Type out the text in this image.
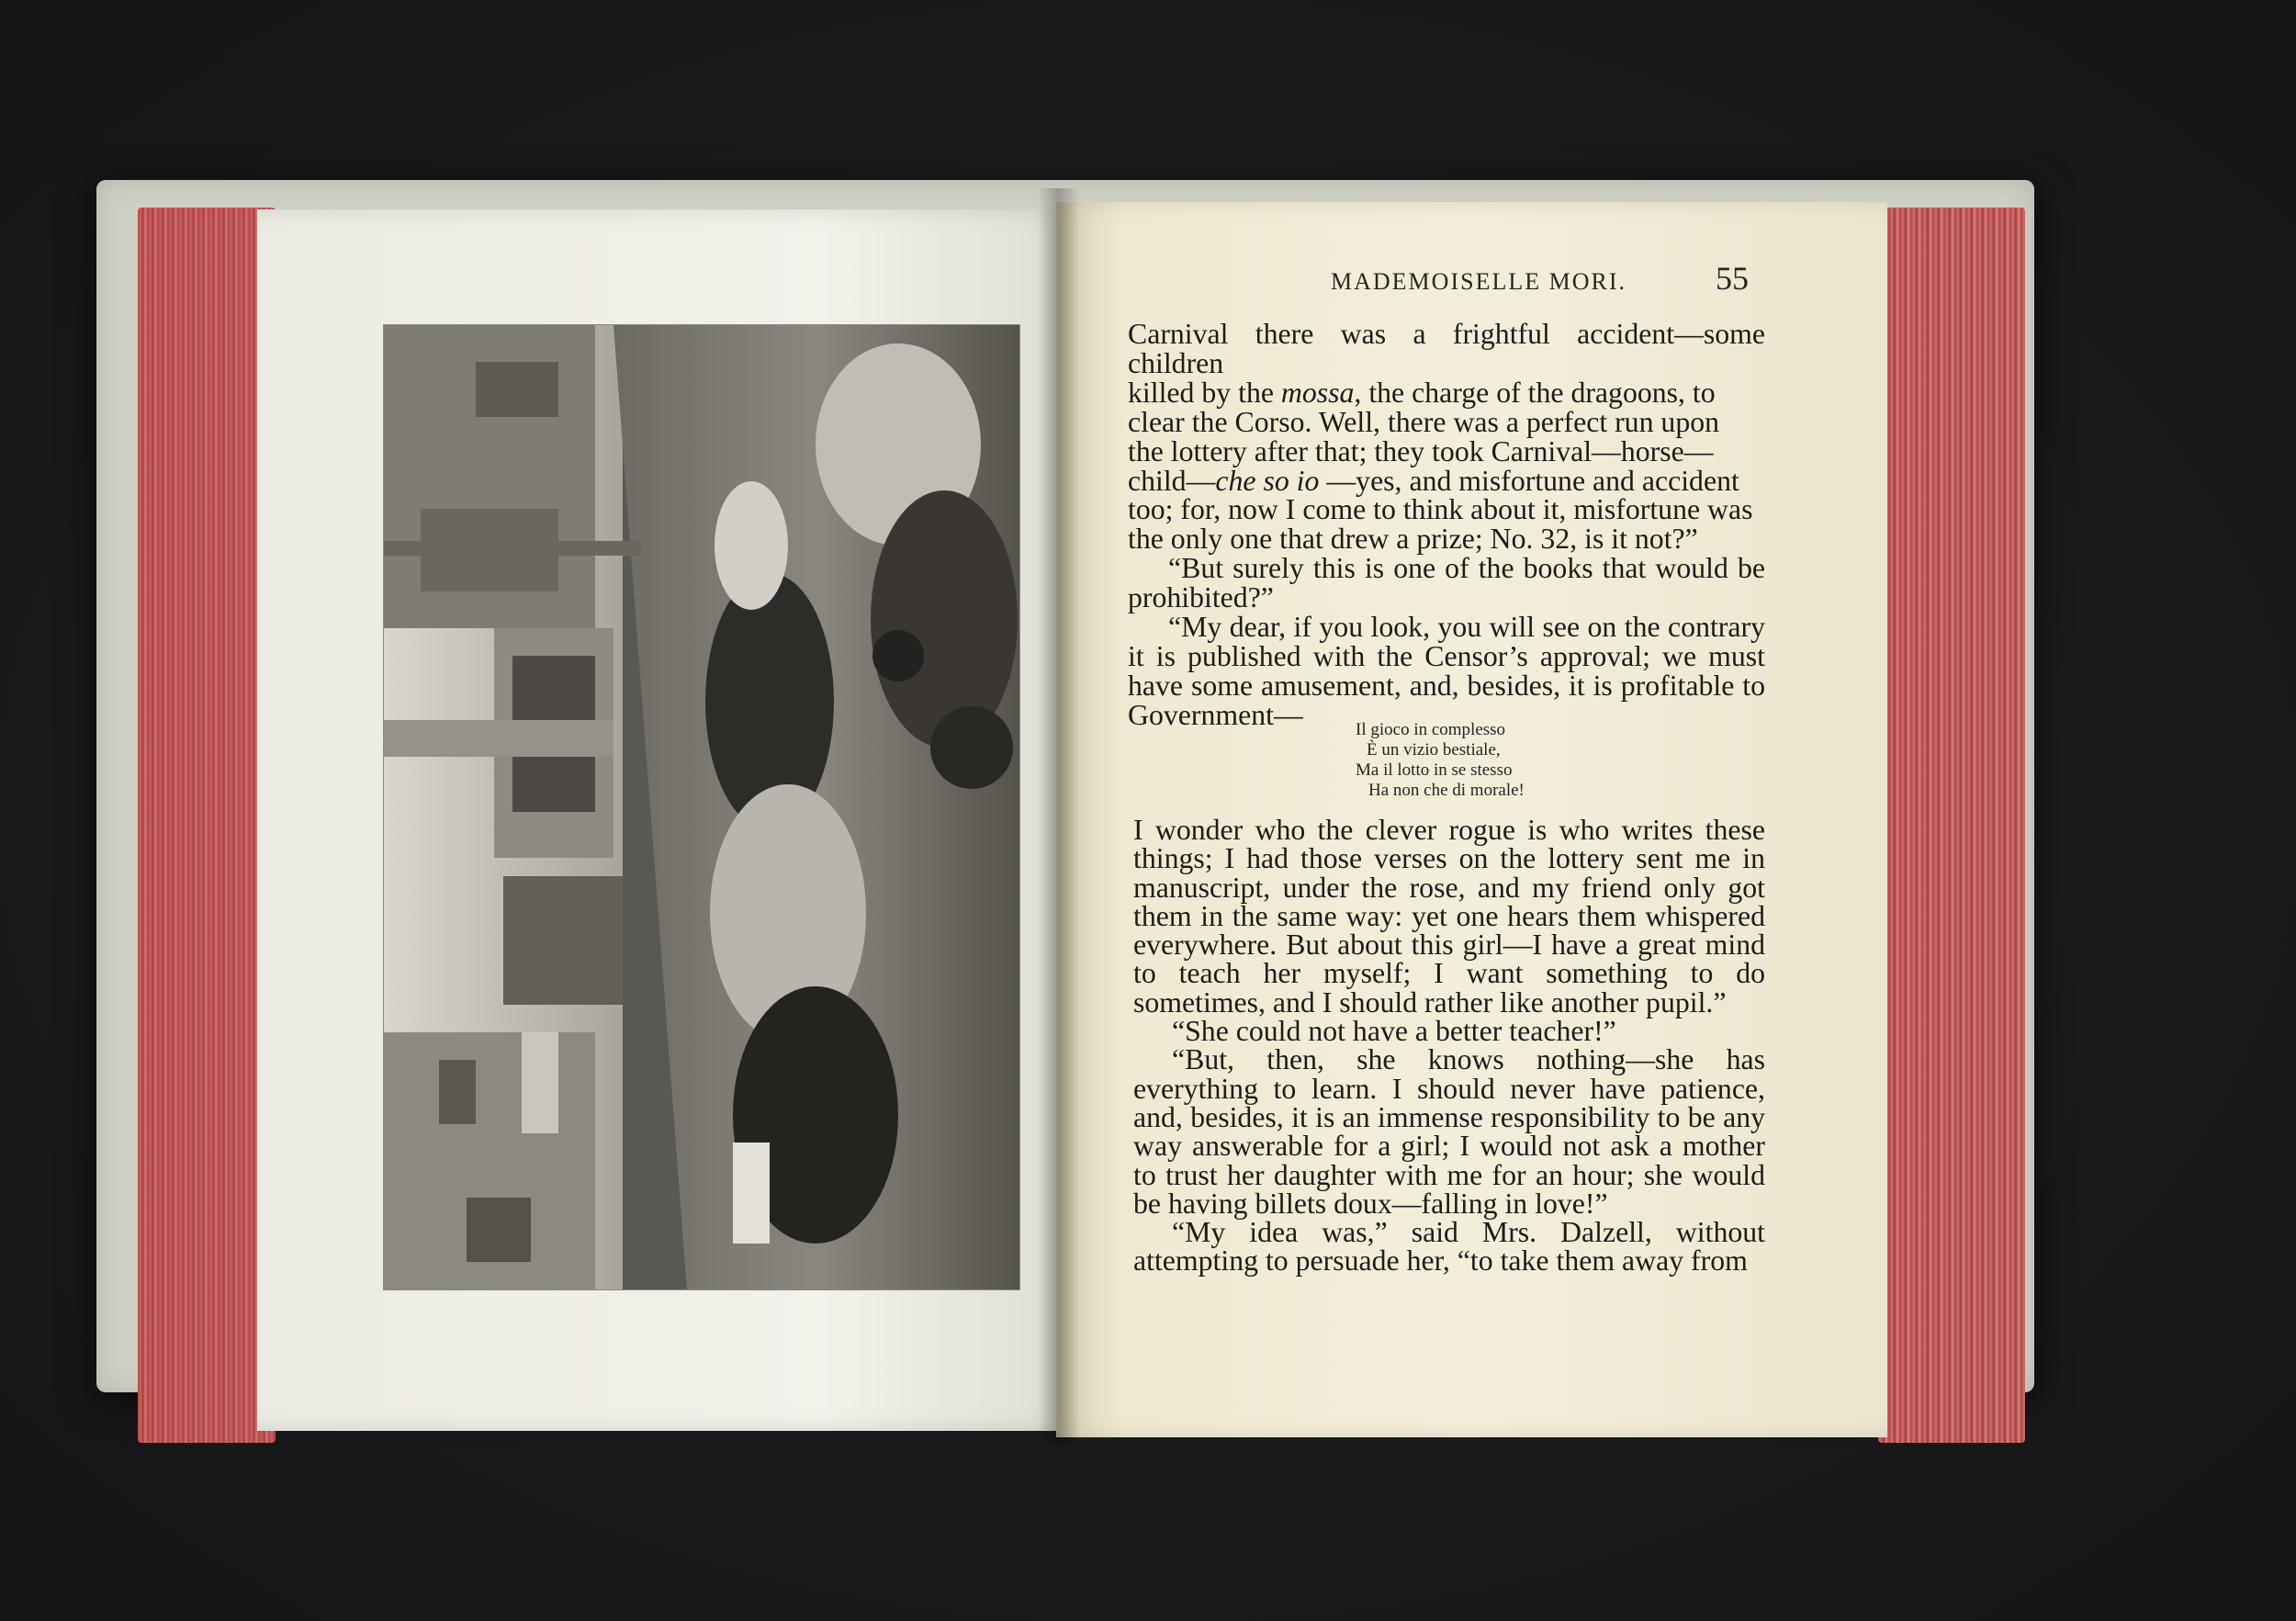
MADEMOISELLE MORI.	55

Carnival there was a frightful accident—some children

killed by the mossa, the charge of the dragoons, to

clear the Corso. Well, there was a perfect run upon

the lottery after that; they took Carnival—horse—

child—che so io —yes, and misfortune and accident

too; for, now I come to think about it, misfortune was

the only one that drew a prize; No. 32, is it not?”

“But surely this is one of the books that would be prohibited?”

“My dear, if you look, you will see on the contrary it is published with the Censor’s approval; we must have some amusement, and, besides, it is profitable to Government—	Il gioco in complesso
È un vizio bestiale,
Ma il lotto in se stesso
Ha non che di morale!

I wonder who the clever rogue is who writes these things; I had those verses on the lottery sent me in manuscript, under the rose, and my friend only got them in the same way: yet one hears them whispered everywhere. But about this girl—I have a great mind to teach her myself; I want something to do sometimes, and I should rather like another pupil.”

“She could not have a better teacher!”

“But, then, she knows nothing—she has everything to learn. I should never have patience, and, besides, it is an immense responsibility to be any way answerable for a girl; I would not ask a mother to trust her daughter with me for an hour; she would be having billets doux—falling in love!”

“My idea was,” said Mrs. Dalzell, without attempting to persuade her, “to take them away from
